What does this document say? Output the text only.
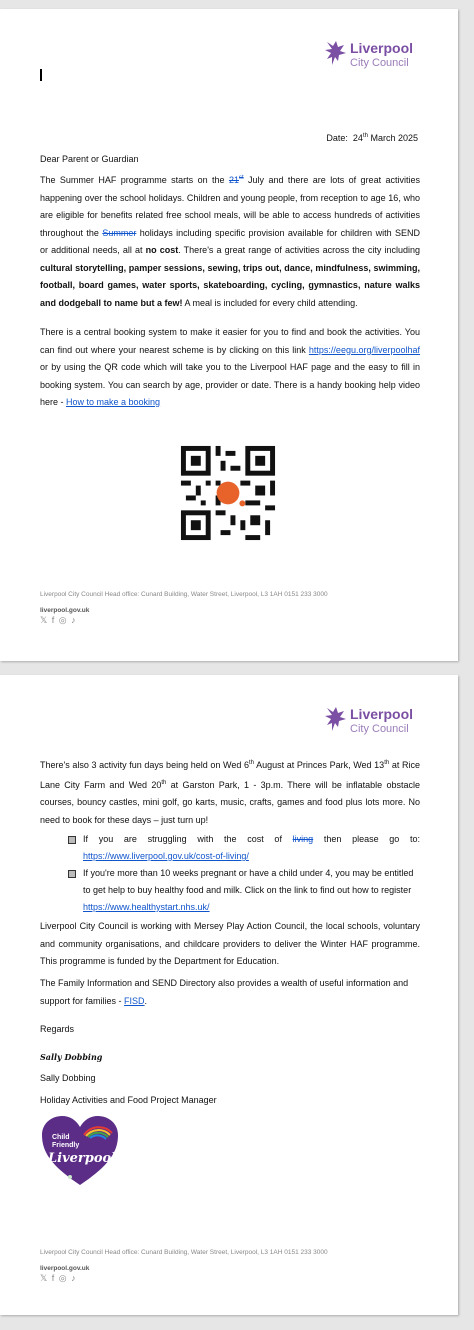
Liverpool
City Council
Date: 24th March 2025
Dear Parent or Guardian
The Summer HAF programme starts on the 21st July and there are lots of great activities happening over the school holidays. Children and young people, from reception to age 16, who are eligible for benefits related free school meals, will be able to access hundreds of activities throughout the Summer holidays including specific provision available for children with SEND or additional needs, all at no cost. There's a great range of activities across the city including cultural storytelling, pamper sessions, sewing, trips out, dance, mindfulness, swimming, football, board games, water sports, skateboarding, cycling, gymnastics, nature walks and dodgeball to name but a few! A meal is included for every child attending.
There is a central booking system to make it easier for you to find and book the activities. You can find out where your nearest scheme is by clicking on this link https://eegu.org/liverpoolhaf or by using the QR code which will take you to the Liverpool HAF page and the easy to fill in booking system. You can search by age, provider or date. There is a handy booking help video here - How to make a booking
Liverpool City Council Head office: Cunard Building, Water Street, Liverpool, L3 1AH 0151 233 3000
liverpool.gov.uk
𝕏 f ◎ ♪
Liverpool
City Council
There's also 3 activity fun days being held on Wed 6th August at Princes Park, Wed 13th at Rice Lane City Farm and Wed 20th at Garston Park, 1 - 3p.m. There will be inflatable obstacle courses, bouncy castles, mini golf, go karts, music, crafts, games and food plus lots more. No need to book for these days – just turn up!
If you are struggling with the cost of living then please go to: https://www.liverpool.gov.uk/cost-of-living/
If you're more than 10 weeks pregnant or have a child under 4, you may be entitled to get help to buy healthy food and milk. Click on the link to find out how to register https://www.healthystart.nhs.uk/
Liverpool City Council is working with Mersey Play Action Council, the local schools, voluntary and community organisations, and childcare providers to deliver the Winter HAF programme. This programme is funded by the Department for Education.
The Family Information and SEND Directory also provides a wealth of useful information and support for families - FISD.
Regards
Sally Dobbing
Sally Dobbing
Holiday Activities and Food Project Manager
Child
Friendly
Liverpool
Liverpool City Council Head office: Cunard Building, Water Street, Liverpool, L3 1AH 0151 233 3000
liverpool.gov.uk
𝕏 f ◎ ♪
